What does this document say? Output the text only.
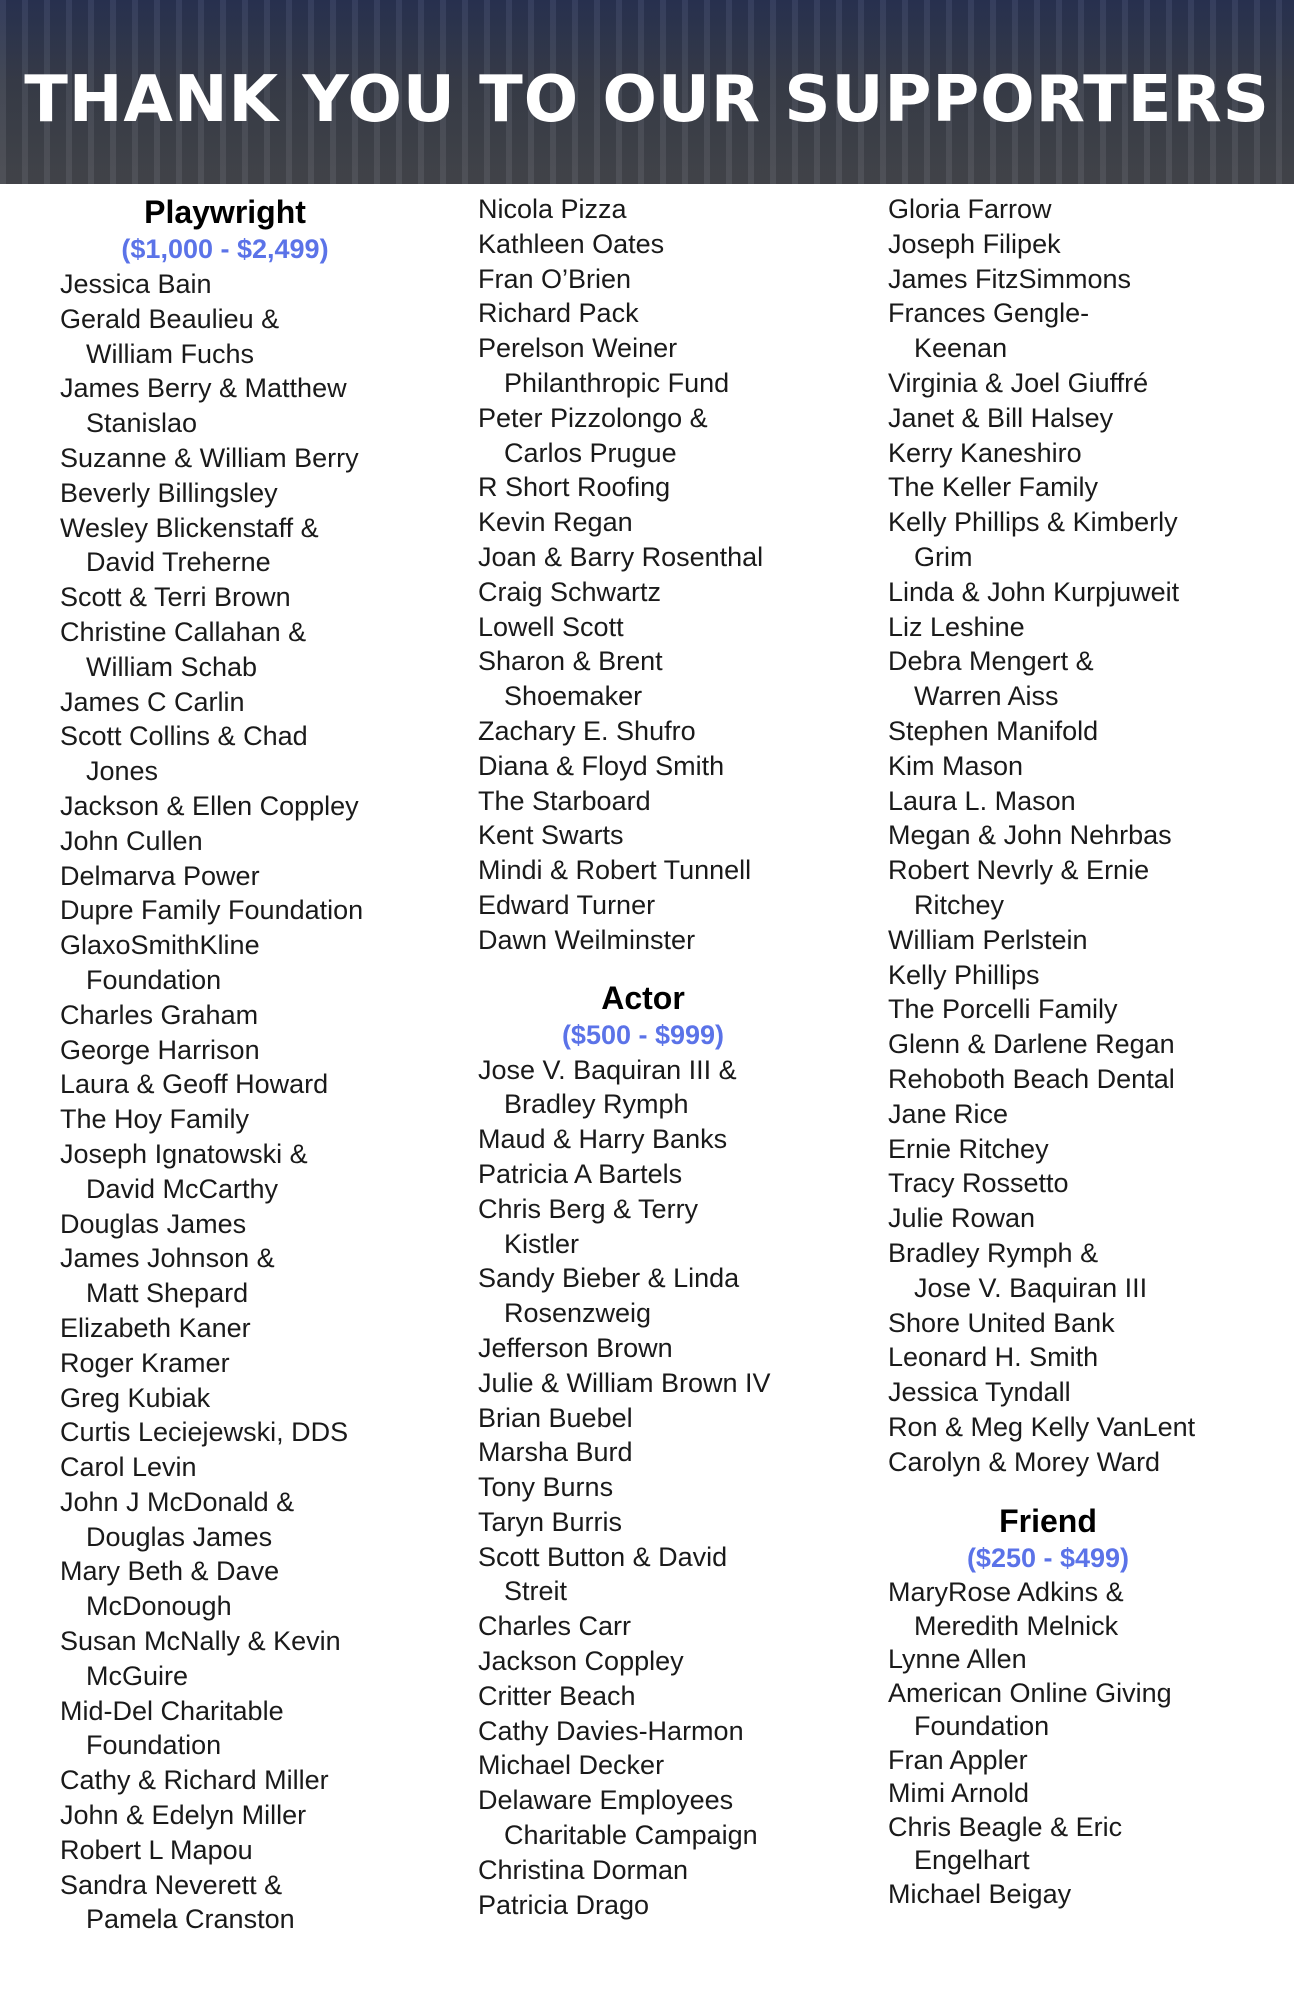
THANK YOU TO OUR SUPPORTERS
Playwright
($1,000 - $2,499)
Jessica Bain
Gerald Beaulieu &
William Fuchs
James Berry & Matthew
Stanislao
Suzanne & William Berry
Beverly Billingsley
Wesley Blickenstaff &
David Treherne
Scott & Terri Brown
Christine Callahan &
William Schab
James C Carlin
Scott Collins & Chad
Jones
Jackson & Ellen Coppley
John Cullen
Delmarva Power
Dupre Family Foundation
GlaxoSmithKline
Foundation
Charles Graham
George Harrison
Laura & Geoff Howard
The Hoy Family
Joseph Ignatowski &
David McCarthy
Douglas James
James Johnson &
Matt Shepard
Elizabeth Kaner
Roger Kramer
Greg Kubiak
Curtis Leciejewski, DDS
Carol Levin
John J McDonald &
Douglas James
Mary Beth & Dave
McDonough
Susan McNally & Kevin
McGuire
Mid-Del Charitable
Foundation
Cathy & Richard Miller
John & Edelyn Miller
Robert L Mapou
Sandra Neverett &
Pamela Cranston
Nicola Pizza
Kathleen Oates
Fran O’Brien
Richard Pack
Perelson Weiner
Philanthropic Fund
Peter Pizzolongo &
Carlos Prugue
R Short Roofing
Kevin Regan
Joan & Barry Rosenthal
Craig Schwartz
Lowell Scott
Sharon & Brent
Shoemaker
Zachary E. Shufro
Diana & Floyd Smith
The Starboard
Kent Swarts
Mindi & Robert Tunnell
Edward Turner
Dawn Weilminster
Actor
($500 - $999)
Jose V. Baquiran III &
Bradley Rymph
Maud & Harry Banks
Patricia A Bartels
Chris Berg & Terry
Kistler
Sandy Bieber & Linda
Rosenzweig
Jefferson Brown
Julie & William Brown IV
Brian Buebel
Marsha Burd
Tony Burns
Taryn Burris
Scott Button & David
Streit
Charles Carr
Jackson Coppley
Critter Beach
Cathy Davies-Harmon
Michael Decker
Delaware Employees
Charitable Campaign
Christina Dorman
Patricia Drago
Gloria Farrow
Joseph Filipek
James FitzSimmons
Frances Gengle-
Keenan
Virginia & Joel Giuffré
Janet & Bill Halsey
Kerry Kaneshiro
The Keller Family
Kelly Phillips & Kimberly
Grim
Linda & John Kurpjuweit
Liz Leshine
Debra Mengert &
Warren Aiss
Stephen Manifold
Kim Mason
Laura L. Mason
Megan & John Nehrbas
Robert Nevrly & Ernie
Ritchey
William Perlstein
Kelly Phillips
The Porcelli Family
Glenn & Darlene Regan
Rehoboth Beach Dental
Jane Rice
Ernie Ritchey
Tracy Rossetto
Julie Rowan
Bradley Rymph &
Jose V. Baquiran III
Shore United Bank
Leonard H. Smith
Jessica Tyndall
Ron & Meg Kelly VanLent
Carolyn & Morey Ward
Friend
($250 - $499)
MaryRose Adkins &
Meredith Melnick
Lynne Allen
American Online Giving
Foundation
Fran Appler
Mimi Arnold
Chris Beagle & Eric
Engelhart
Michael Beigay
